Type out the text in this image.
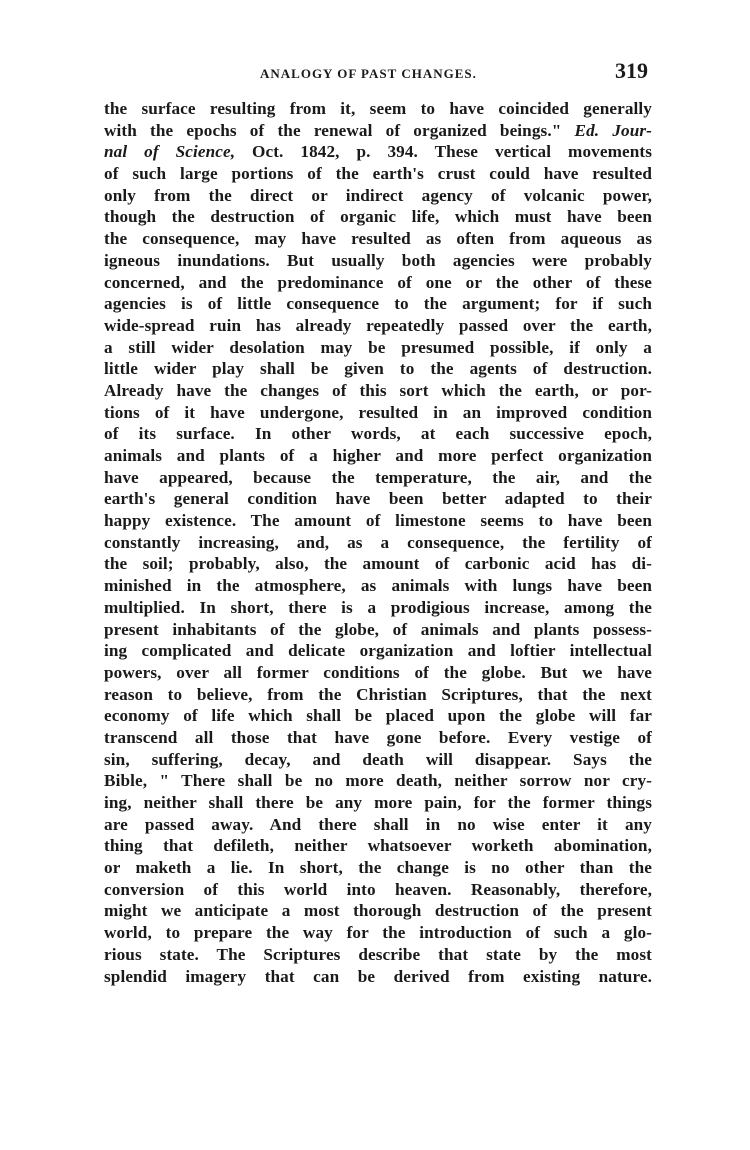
ANALOGY OF PAST CHANGES.	319
the surface resulting from it, seem to have coincided generally
with the epochs of the renewal of organized beings." Ed. Jour-
nal of Science, Oct. 1842, p. 394. These vertical movements
of such large portions of the earth's crust could have resulted
only from the direct or indirect agency of volcanic power,
though the destruction of organic life, which must have been
the consequence, may have resulted as often from aqueous as
igneous inundations. But usually both agencies were probably
concerned, and the predominance of one or the other of these
agencies is of little consequence to the argument; for if such
wide-spread ruin has already repeatedly passed over the earth,
a still wider desolation may be presumed possible, if only a
little wider play shall be given to the agents of destruction.
Already have the changes of this sort which the earth, or por-
tions of it have undergone, resulted in an improved condition
of its surface. In other words, at each successive epoch,
animals and plants of a higher and more perfect organization
have appeared, because the temperature, the air, and the
earth's general condition have been better adapted to their
happy existence. The amount of limestone seems to have been
constantly increasing, and, as a consequence, the fertility of
the soil; probably, also, the amount of carbonic acid has di-
minished in the atmosphere, as animals with lungs have been
multiplied. In short, there is a prodigious increase, among the
present inhabitants of the globe, of animals and plants possess-
ing complicated and delicate organization and loftier intellectual
powers, over all former conditions of the globe. But we have
reason to believe, from the Christian Scriptures, that the next
economy of life which shall be placed upon the globe will far
transcend all those that have gone before. Every vestige of
sin, suffering, decay, and death will disappear. Says the
Bible, " There shall be no more death, neither sorrow nor cry-
ing, neither shall there be any more pain, for the former things
are passed away. And there shall in no wise enter it any
thing that defileth, neither whatsoever worketh abomination,
or maketh a lie. In short, the change is no other than the
conversion of this world into heaven. Reasonably, therefore,
might we anticipate a most thorough destruction of the present
world, to prepare the way for the introduction of such a glo-
rious state. The Scriptures describe that state by the most
splendid imagery that can be derived from existing nature.
